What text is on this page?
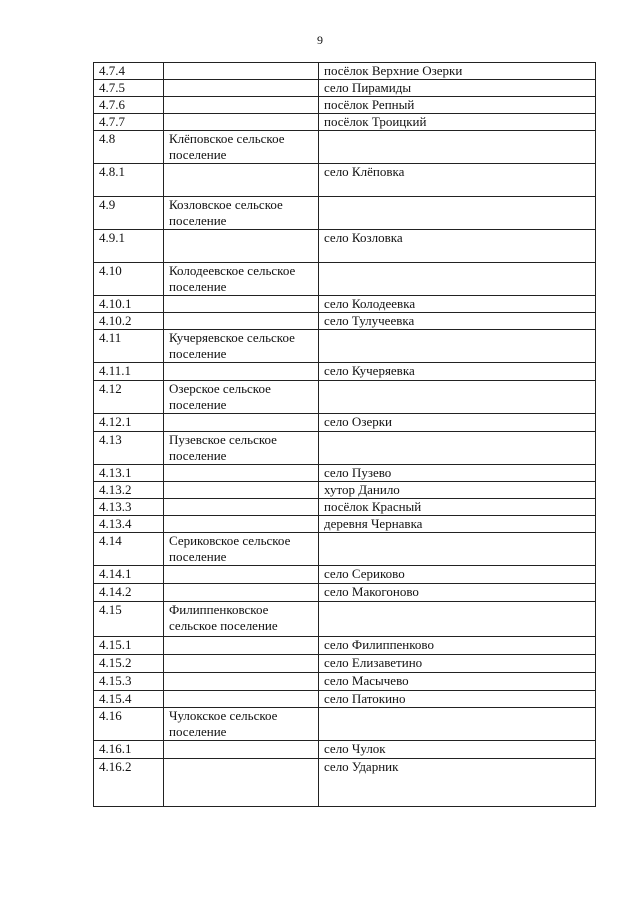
9
4.7.4		посёлок Верхние Озерки
4.7.5		село Пирамиды
4.7.6		посёлок Репный
4.7.7		посёлок Троицкий
4.8	Клёповское сельское поселение	
4.8.1		село Клёповка
4.9	Козловское сельское поселение	
4.9.1		село Козловка
4.10	Колодеевское сельское поселение	
4.10.1		село Колодеевка
4.10.2		село Тулучеевка
4.11	Кучеряевское сельское поселение	
4.11.1		село Кучеряевка
4.12	Озерское сельское поселение	
4.12.1		село Озерки
4.13	Пузевское сельское поселение	
4.13.1		село Пузево
4.13.2		хутор Данило
4.13.3		посёлок Красный
4.13.4		деревня Чернавка
4.14	Сериковское сельское поселение	
4.14.1		село Сериково
4.14.2		село Макогоново
4.15	Филиппенковское сельское поселение	
4.15.1		село Филиппенково
4.15.2		село Елизаветино
4.15.3		село Масычево
4.15.4		село Патокино
4.16	Чулокское сельское поселение	
4.16.1		село Чулок
4.16.2		село Ударник
